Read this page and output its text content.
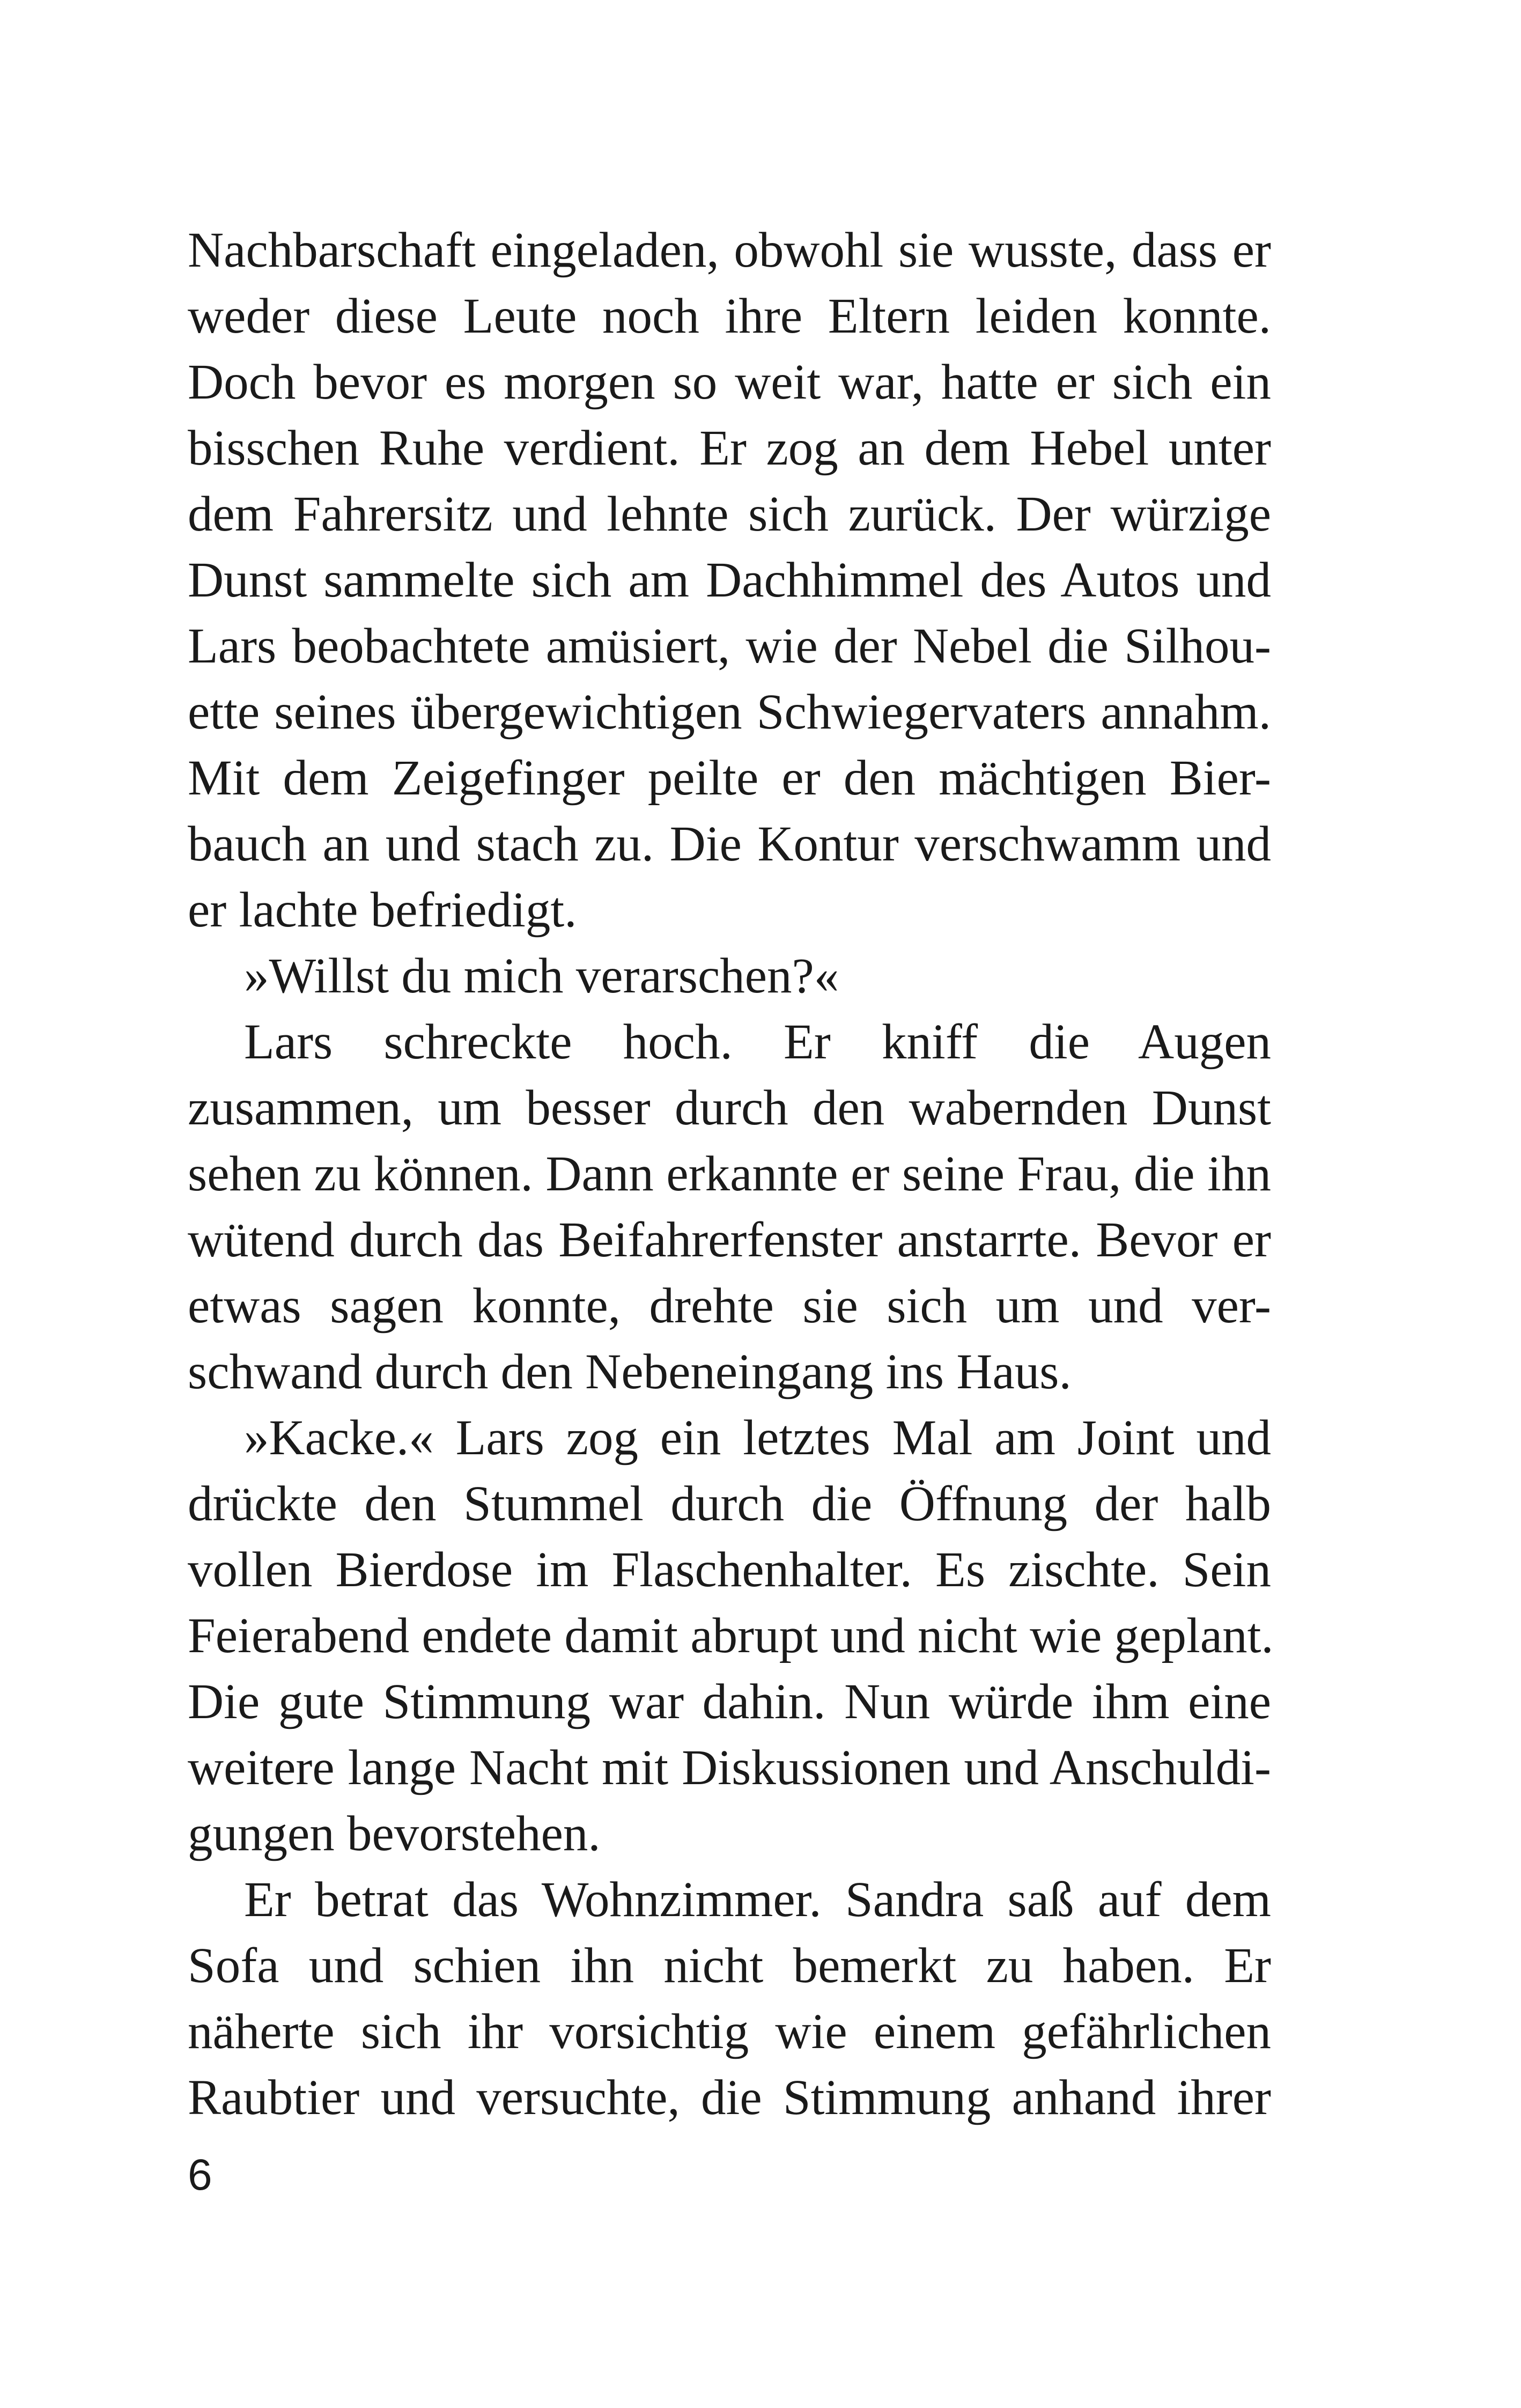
Nachbarschaft eingeladen, obwohl sie wusste, dass er
weder diese Leute noch ihre Eltern leiden konnte.
Doch bevor es morgen so weit war, hatte er sich ein
bisschen Ruhe verdient. Er zog an dem Hebel unter
dem Fahrersitz und lehnte sich zurück. Der würzige
Dunst sammelte sich am Dachhimmel des Autos und
Lars beobachtete amüsiert, wie der Nebel die Silhou-
ette seines übergewichtigen Schwiegervaters annahm.
Mit dem Zeigefinger peilte er den mächtigen Bier-
bauch an und stach zu. Die Kontur verschwamm und
er lachte befriedigt.
»Willst du mich verarschen?«
Lars schreckte hoch. Er kniff die Augen
zusammen, um besser durch den wabernden Dunst
sehen zu können. Dann erkannte er seine Frau, die ihn
wütend durch das Beifahrerfenster anstarrte. Bevor er
etwas sagen konnte, drehte sie sich um und ver-
schwand durch den Nebeneingang ins Haus.
»Kacke.« Lars zog ein letztes Mal am Joint und
drückte den Stummel durch die Öffnung der halb
vollen Bierdose im Flaschenhalter. Es zischte. Sein
Feierabend endete damit abrupt und nicht wie geplant.
Die gute Stimmung war dahin. Nun würde ihm eine
weitere lange Nacht mit Diskussionen und Anschuldi-
gungen bevorstehen.
Er betrat das Wohnzimmer. Sandra saß auf dem
Sofa und schien ihn nicht bemerkt zu haben. Er
näherte sich ihr vorsichtig wie einem gefährlichen
Raubtier und versuchte, die Stimmung anhand ihrer
6
